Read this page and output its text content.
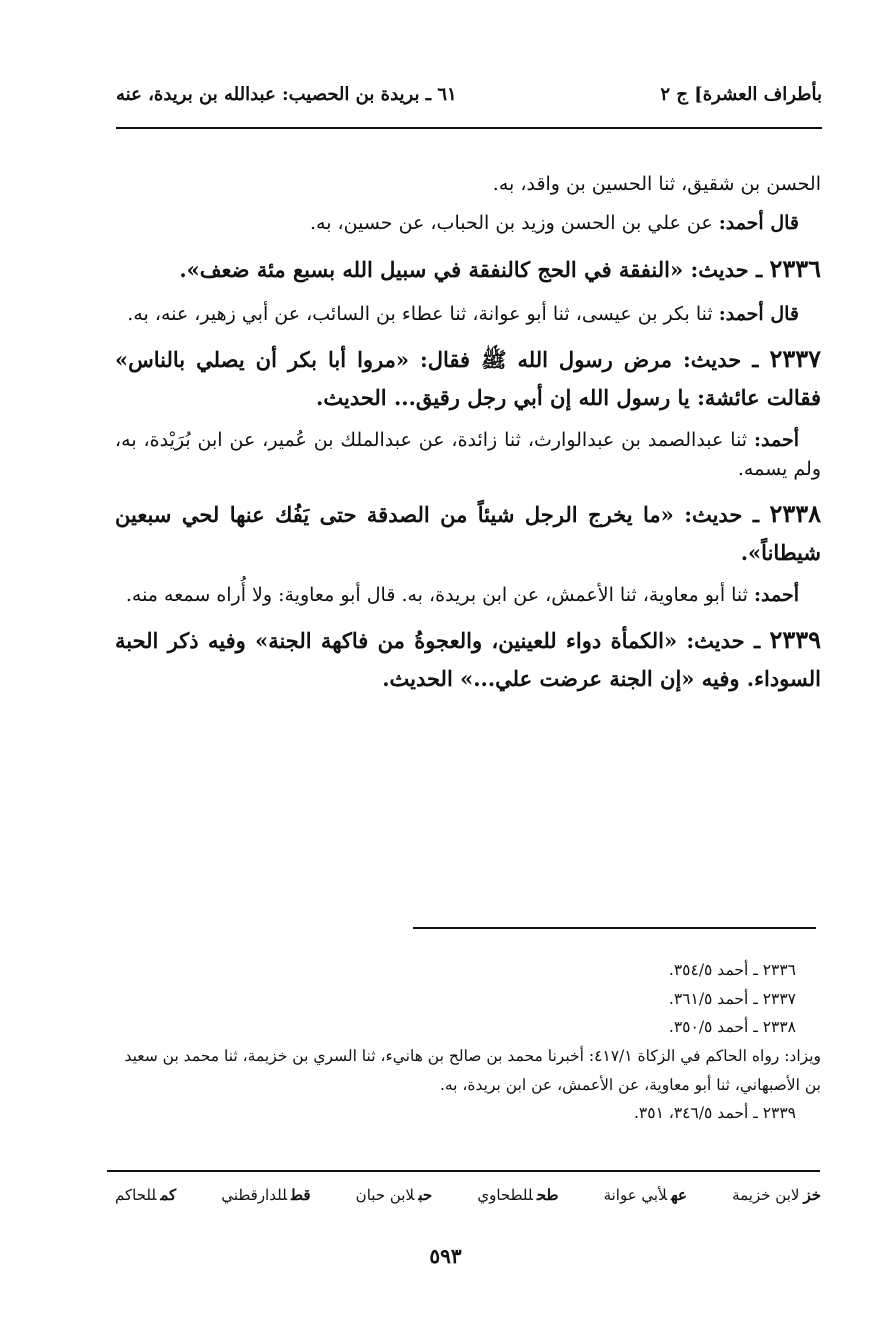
بأطراف العشرة] ج ٢
٦١ ـ بريدة بن الحصيب: عبدالله بن بريدة، عنه

الحسن بن شقيق، ثنا الحسين بن واقد، به.

قال أحمد: عن علي بن الحسن وزيد بن الحباب، عن حسين، به.

٢٣٣٦ ـ حديث: «النفقة في الحج كالنفقة في سبيل الله بسبع مئة ضعف».

قال أحمد: ثنا بكر بن عيسى، ثنا أبو عوانة، ثنا عطاء بن السائب، عن أبي زهير، عنه، به.

٢٣٣٧ ـ حديث: مرض رسول الله ﷺ فقال: «مروا أبا بكر أن يصلي بالناس» فقالت عائشة: يا رسول الله إن أبي رجل رقيق... الحديث.

أحمد: ثنا عبدالصمد بن عبدالوارث، ثنا زائدة، عن عبدالملك بن عُمير، عن ابن بُرَيْدة، به، ولم يسمه.

٢٣٣٨ ـ حديث: «ما يخرج الرجل شيئاً من الصدقة حتى يَفُك عنها لحي سبعين شيطاناً».

أحمد: ثنا أبو معاوية، ثنا الأعمش، عن ابن بريدة، به. قال أبو معاوية: ولا أُراه سمعه منه.

٢٣٣٩ ـ حديث: «الكمأة دواء للعينين، والعجوةُ من فاكهة الجنة» وفيه ذكر الحبة السوداء. وفيه «إن الجنة عرضت علي...» الحديث.

٢٣٣٦ ـ أحمد ٣٥٤/٥.

٢٣٣٧ ـ أحمد ٣٦١/٥.

٢٣٣٨ ـ أحمد ٣٥٠/٥.

ويزاد: رواه الحاكم في الزكاة ٤١٧/١: أخبرنا محمد بن صالح بن هانيء، ثنا السري بن خزيمة، ثنا محمد بن سعيد بن الأصبهاني، ثنا أبو معاوية، عن الأعمش، عن ابن بريدة، به.

٢٣٣٩ ـ أحمد ٣٤٦/٥، ٣٥١.

خزلابن خزيمة
عهلأبي عوانة
طحللطحاوي
حبلابن حبان
قطللدارقطني
كمللحاكم
٥٩٣
